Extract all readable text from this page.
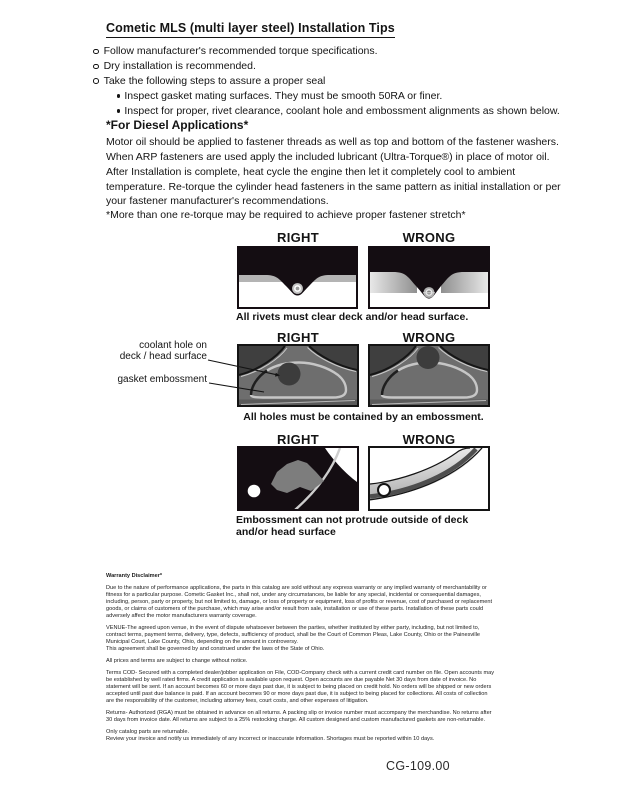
Cometic MLS (multi layer steel) Installation Tips
Follow manufacturer's recommended torque specifications.
Dry installation is recommended.
Take the following steps to assure a proper seal
Inspect gasket mating surfaces. They must be smooth 50RA or finer.
Inspect for proper, rivet clearance, coolant hole and embossment alignments as shown below.
*For Diesel Applications*

Motor oil should be applied to fastener threads as well as top and bottom of the fastener washers. When ARP fasteners are used apply the included lubricant (Ultra-Torque®) in place of motor oil.

After Installation is complete, heat cycle the engine then let it completely cool to ambient temperature. Re-torque the cylinder head fasteners in the same pattern as initial installation or per your fastener manufacturer's recommendations.

*More than one re-torque may be required to achieve proper fastener stretch*
RIGHT	WRONG
All rivets must clear deck and/or head surface.
RIGHT	WRONG
coolant hole on
deck / head surface
gasket embossment
All holes must be contained by an embossment.
RIGHT	WRONG
Embossment can not protrude outside of deck
and/or head surface

Warranty Disclaimer*

Due to the nature of performance applications, the parts in this catalog are sold without any express warranty or any implied warranty of merchantability or
fitness for a particular purpose. Cometic Gasket Inc., shall not, under any circumstances, be liable for any special, incidental or consequential damages,
including, person, party or property, but not limited to, damage, or loss of property or equipment, loss of profits or revenue, cost of purchased or replacement
goods, or claims of customers of the purchase, which may arise and/or result from sale, installation or use of these parts. Installation of these parts could
adversely affect the motor manufacturers warranty coverage.

VENUE-The agreed upon venue, in the event of dispute whatsoever between the parties, whether instituted by either party, including, but not limited to,
contract terms, payment terms, delivery, type, defects, sufficiency of product, shall be the Court of Common Pleas, Lake County, Ohio or the Painesville
Municipal Court, Lake County, Ohio, depending on the amount in controversy.
This agreement shall be governed by and construed under the laws of the State of Ohio.

All prices and terms are subject to change without notice.

Terms COD- Secured with a completed dealer/jobber application on File, COD-Company check with a current credit card number on file. Open accounts may
be established by well rated firms. A credit application is available upon request. Open accounts are due payable Net 30 days from date of invoice. No
statement will be sent. If an account becomes 60 or more days past due, it is subject to being placed on credit hold. No orders will be shipped or new orders
accepted until past due balance is paid. If an account becomes 90 or more days past due, it is subject to being placed for collections. All costs of collection
are the responsibility of the customer, including attorney fees, court costs, and other expenses of litigation.

Returns- Authorized (RGA) must be obtained in advance on all returns. A packing slip or invoice number must accompany the merchandise. No returns after
30 days from invoice date. All returns are subject to a 25% restocking charge. All custom designed and custom manufactured gaskets are non-returnable.

Only catalog parts are returnable.
Review your invoice and notify us immediately of any incorrect or inaccurate information. Shortages must be reported within 10 days.

CG-109.00
